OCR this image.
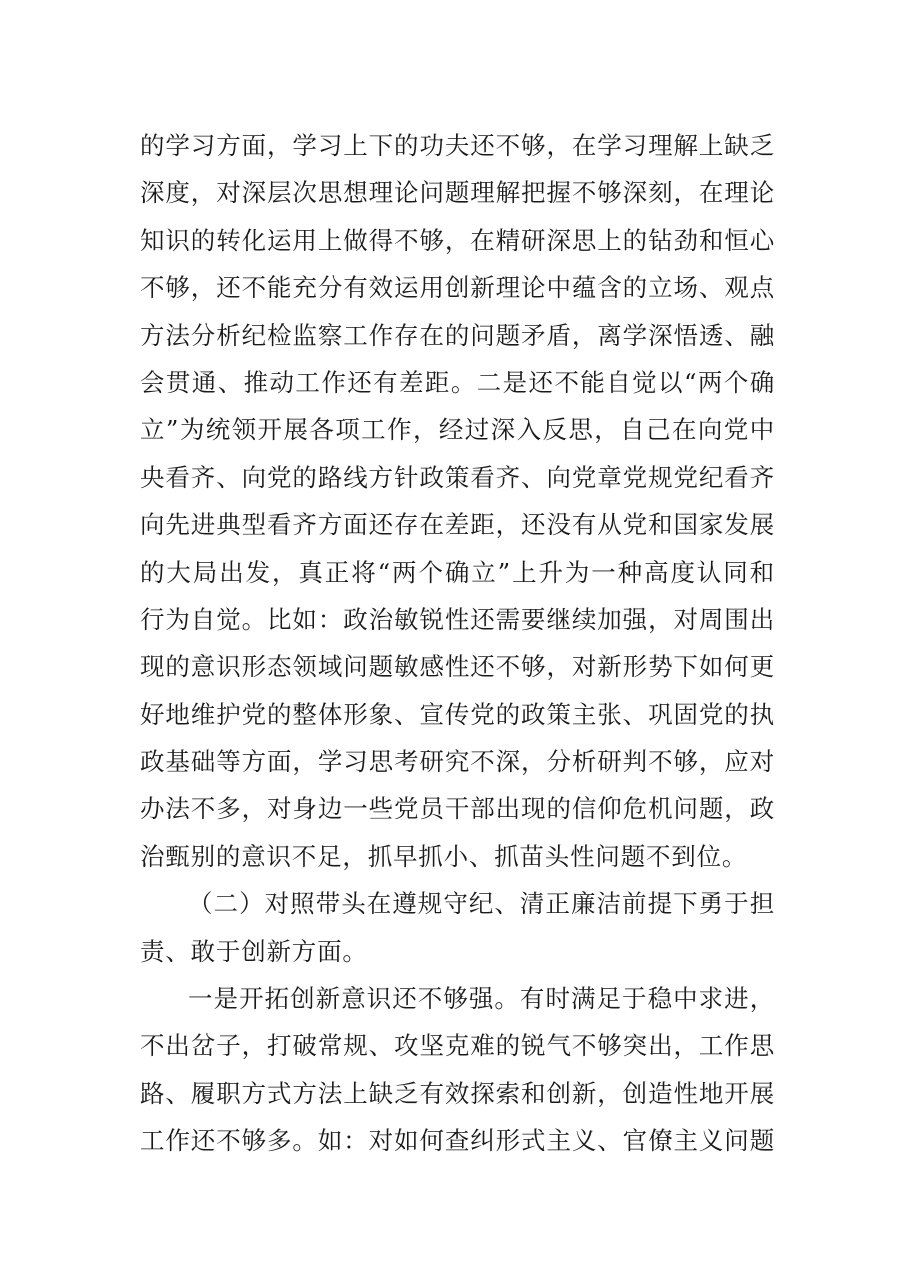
的学习方面，学习上下的功夫还不够，在学习理解上缺乏
深度，对深层次思想理论问题理解把握不够深刻，在理论
知识的转化运用上做得不够，在精研深思上的钻劲和恒心
不够，还不能充分有效运用创新理论中蕴含的立场、观点
方法分析纪检监察工作存在的问题矛盾，离学深悟透、融
会贯通、推动工作还有差距。二是还不能自觉以“两个确
立”为统领开展各项工作，经过深入反思，自己在向党中
央看齐、向党的路线方针政策看齐、向党章党规党纪看齐
向先进典型看齐方面还存在差距，还没有从党和国家发展
的大局出发，真正将“两个确立”上升为一种高度认同和
行为自觉。比如：政治敏锐性还需要继续加强，对周围出
现的意识形态领域问题敏感性还不够，对新形势下如何更
好地维护党的整体形象、宣传党的政策主张、巩固党的执
政基础等方面，学习思考研究不深，分析研判不够，应对
办法不多，对身边一些党员干部出现的信仰危机问题，政
治甄别的意识不足，抓早抓小、抓苗头性问题不到位。
（二）对照带头在遵规守纪、清正廉洁前提下勇于担
责、敢于创新方面。
一是开拓创新意识还不够强。有时满足于稳中求进，
不出岔子，打破常规、攻坚克难的锐气不够突出，工作思
路、履职方式方法上缺乏有效探索和创新，创造性地开展
工作还不够多。如：对如何查纠形式主义、官僚主义问题
